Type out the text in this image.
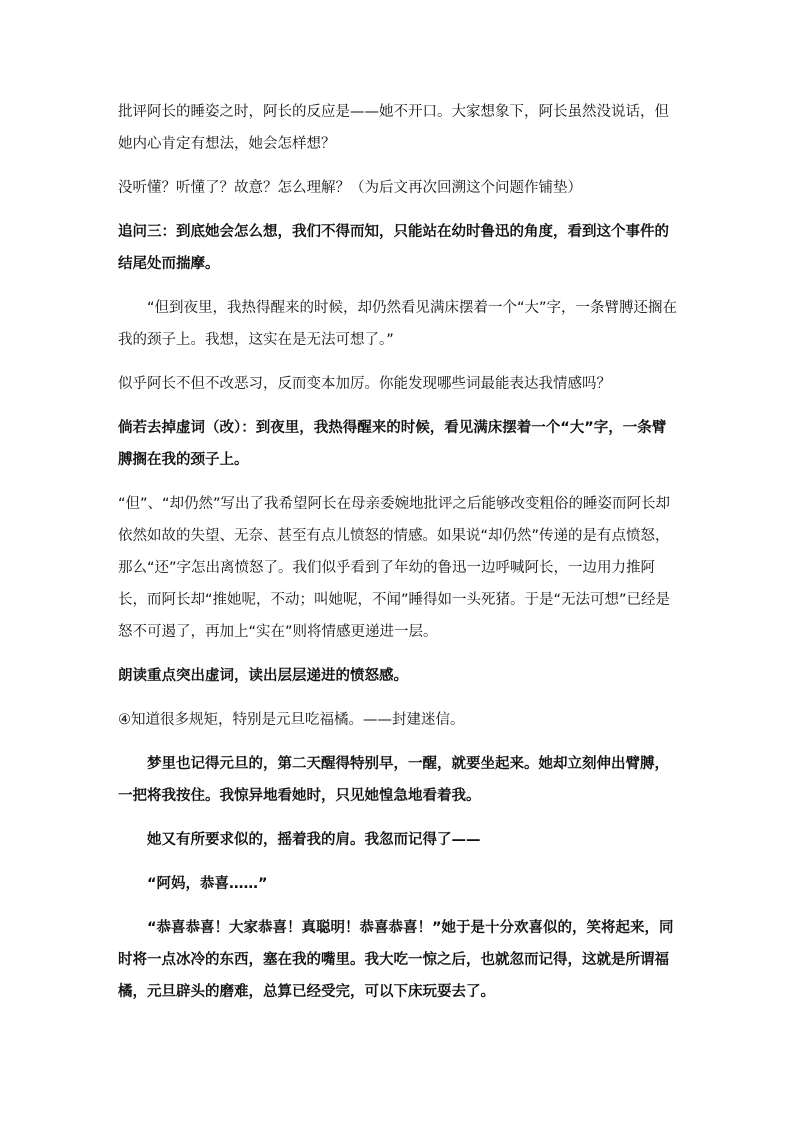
批评阿长的睡姿之时，阿长的反应是——她不开口。大家想象下，阿长虽然没说话，但她内心肯定有想法，她会怎样想？

没听懂？听懂了？故意？怎么理解？（为后文再次回溯这个问题作铺垫）

追问三：到底她会怎么想，我们不得而知，只能站在幼时鲁迅的角度，看到这个事件的结尾处而揣摩。

“但到夜里，我热得醒来的时候，却仍然看见满床摆着一个“大”字，一条臂膊还搁在我的颈子上。我想，这实在是无法可想了。”

似乎阿长不但不改恶习，反而变本加厉。你能发现哪些词最能表达我情感吗？

倘若去掉虚词（改）：到夜里，我热得醒来的时候，看见满床摆着一个“大”字，一条臂膊搁在我的颈子上。

“但”、“却仍然”写出了我希望阿长在母亲委婉地批评之后能够改变粗俗的睡姿而阿长却依然如故的失望、无奈、甚至有点儿愤怒的情感。如果说“却仍然”传递的是有点愤怒，那么“还”字怎出离愤怒了。我们似乎看到了年幼的鲁迅一边呼喊阿长，一边用力推阿长，而阿长却“推她呢，不动；叫她呢，不闻”睡得如一头死猪。于是“无法可想”已经是怒不可遏了，再加上“实在”则将情感更递进一层。

朗读重点突出虚词，读出层层递进的愤怒感。

④知道很多规矩，特别是元旦吃福橘。——封建迷信。

梦里也记得元旦的，第二天醒得特别早，一醒，就要坐起来。她却立刻伸出臂膊，一把将我按住。我惊异地看她时，只见她惶急地看着我。

她又有所要求似的，摇着我的肩。我忽而记得了——

“阿妈，恭喜……”

“恭喜恭喜！大家恭喜！真聪明！恭喜恭喜！”她于是十分欢喜似的，笑将起来，同时将一点冰冷的东西，塞在我的嘴里。我大吃一惊之后，也就忽而记得，这就是所谓福橘，元旦辟头的磨难，总算已经受完，可以下床玩耍去了。
